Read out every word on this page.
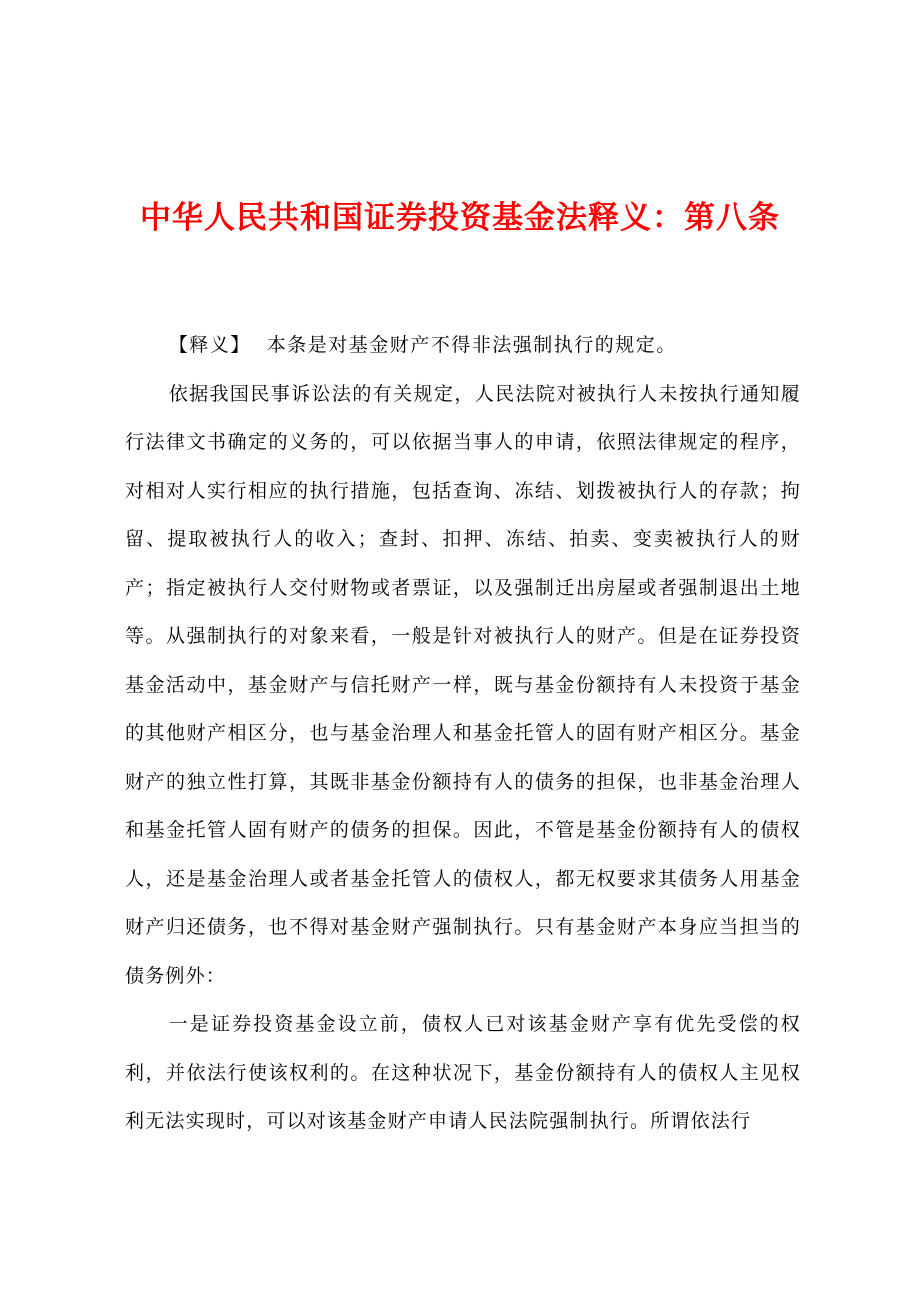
中华人民共和国证券投资基金法释义：第八条

【释义】 本条是对基金财产不得非法强制执行的规定。

依据我国民事诉讼法的有关规定，人民法院对被执行人未按执行通知履行法律文书确定的义务的，可以依据当事人的申请，依照法律规定的程序，对相对人实行相应的执行措施，包括查询、冻结、划拨被执行人的存款；拘留、提取被执行人的收入；查封、扣押、冻结、拍卖、变卖被执行人的财产；指定被执行人交付财物或者票证，以及强制迁出房屋或者强制退出土地等。从强制执行的对象来看，一般是针对被执行人的财产。但是在证券投资基金活动中，基金财产与信托财产一样，既与基金份额持有人未投资于基金的其他财产相区分，也与基金治理人和基金托管人的固有财产相区分。基金财产的独立性打算，其既非基金份额持有人的债务的担保，也非基金治理人和基金托管人固有财产的债务的担保。因此，不管是基金份额持有人的债权人，还是基金治理人或者基金托管人的债权人，都无权要求其债务人用基金财产归还债务，也不得对基金财产强制执行。只有基金财产本身应当担当的债务例外：

一是证券投资基金设立前，债权人已对该基金财产享有优先受偿的权利，并依法行使该权利的。在这种状况下，基金份额持有人的债权人主见权利无法实现时，可以对该基金财产申请人民法院强制执行。所谓依法行
